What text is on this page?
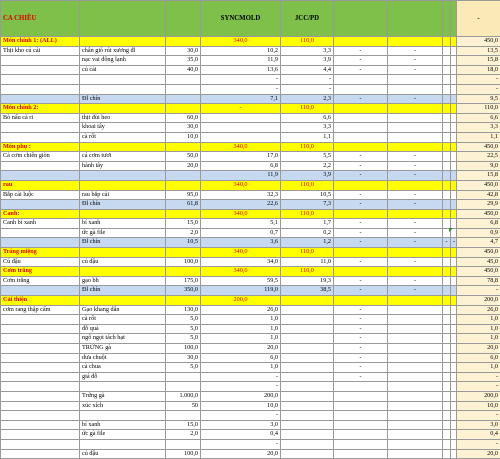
CA CHIỀU			SYNCMOLD	JCC/PD					-
Món chính 1: (ALL)			340,0	110,0					450,0
Thịt kho củ cải	chân giò rút xương đl	30,0	10,2	3,3	-	-			13,5
	nạc vai đông lạnh	35,0	11,9	3,9	-	-			15,8
	củ cải	40,0	13,6	4,4	-	-			18,0
			-	-					-
			-	-					-
	Đl chín		7,1	2,3	-	-			9,5
Món chính 2:			-	110,0					110,0
Bò nấu cà ri	thịt đùi heo	60,0		6,6					6,6
	khoai tây	30,0		3,3					3,3
	cà rốt	10,0		1,1					1,1
Món phụ :			340,0	110,0					450,0
Cá cơm chiên giòn	cá cơm tươi	50,0	17,0	5,5	-	-			22,5
	hành tây	20,0	6,8	2,2	-	-			9,0
			11,9	3,9	-	-			15,8
rau			340,0	110,0					450,0
Bắp cải luộc	rau bắp cải	95,0	32,3	10,5	-	-			42,8
	Đl chín	61,8	22,6	7,3	-	-			29,9
Canh:			340,0	110,0					450,0
Canh bí xanh	bí xanh	15,0	5,1	1,7	-	-			6,8
	ức gà file	2,0	0,7	0,2	-	-			0,9
	Đl chín	10,5	3,6	1,2	-	-	-	-	4,7
Tráng miệng			340,0	110,0					450,0
Củ đậu	củ đậu	100,0	34,0	11,0	-	-			45,0
Cơm trắng			340,0	110,0					450,0
Cơm trắng	gạo bh	175,0	59,5	19,3	-	-			78,8
	Đl chín	350,0	119,0	38,5	-	-			-
Cải thiện			200,0						200,0
cơm rang thập cẩm	Gạo khang dân	130,0	26,0		-				26,0
	cà rốt	5,0	1,0		-				1,0
	đỗ quả	5,0	1,0		-				1,0
	ngô ngọt tách hạt	5,0	1,0		-				1,0
	TRỨNG gà	100,0	20,0		-				20,0
	dưa chuột	30,0	6,0		-				6,0
	cà chua	5,0	1,0		-				1,0
	giá đỗ		-		-				-
			-						-
	Trứng gà	1.000,0	200,0						200,0
	xúc xích	50	10,0						10,0
			-						-
	bí xanh	15,0	3,0						3,0
	ức gà file	2,0	0,4						0,4
			-						-
	củ đậu	100,0	20,0						20,0
